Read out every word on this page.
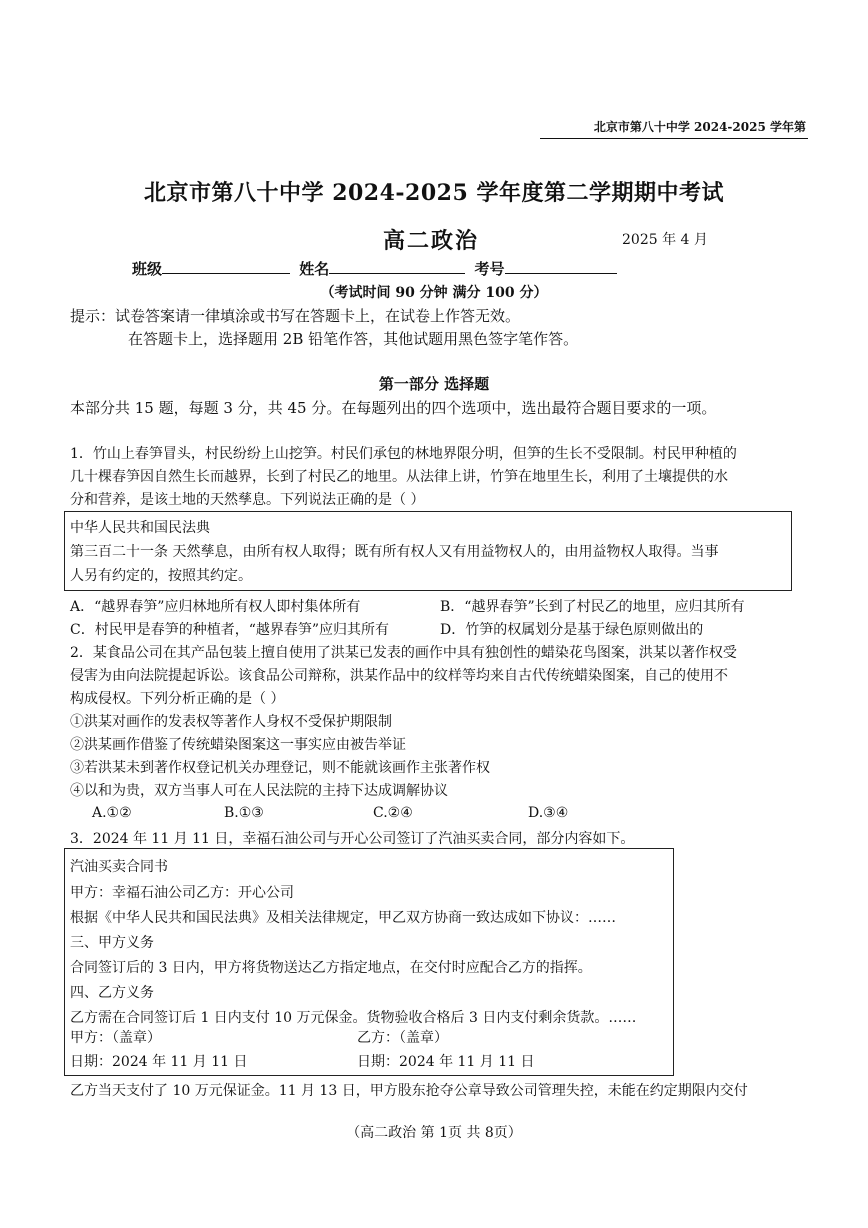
北京市第八十中学 2024-2025 学年第
北京市第八十中学 2024-2025 学年度第二学期期中考试
高二政治	2025 年 4 月
班级	姓名	考号
（考试时间 90 分钟 满分 100 分）
提示：试卷答案请一律填涂或书写在答题卡上，在试卷上作答无效。
在答题卡上，选择题用 2B 铅笔作答，其他试题用黑色签字笔作答。
第一部分 选择题
本部分共 15 题，每题 3 分，共 45 分。在每题列出的四个选项中，选出最符合题目要求的一项。
1．竹山上春笋冒头，村民纷纷上山挖笋。村民们承包的林地界限分明，但笋的生长不受限制。村民甲种植的
几十棵春笋因自然生长而越界，长到了村民乙的地里。从法律上讲，竹笋在地里生长，利用了土壤提供的水
分和营养，是该土地的天然孳息。下列说法正确的是（ ）
中华人民共和国民法典
第三百二十一条 天然孳息，由所有权人取得；既有所有权人又有用益物权人的，由用益物权人取得。当事
人另有约定的，按照其约定。
A．“越界春笋”应归林地所有权人即村集体所有	B．“越界春笋”长到了村民乙的地里，应归其所有
C．村民甲是春笋的种植者，“越界春笋”应归其所有	D．竹笋的权属划分是基于绿色原则做出的
2．某食品公司在其产品包装上擅自使用了洪某已发表的画作中具有独创性的蜡染花鸟图案，洪某以著作权受
侵害为由向法院提起诉讼。该食品公司辩称，洪某作品中的纹样等均来自古代传统蜡染图案，自己的使用不
构成侵权。下列分析正确的是（ ）
①洪某对画作的发表权等著作人身权不受保护期限制
②洪某画作借鉴了传统蜡染图案这一事实应由被告举证
③若洪某未到著作权登记机关办理登记，则不能就该画作主张著作权
④以和为贵，双方当事人可在人民法院的主持下达成调解协议
A.①②	B.①③	C.②④	D.③④
3．2024 年 11 月 11 日，幸福石油公司与开心公司签订了汽油买卖合同，部分内容如下。
汽油买卖合同书
甲方：幸福石油公司乙方：开心公司
根据《中华人民共和国民法典》及相关法律规定，甲乙双方协商一致达成如下协议：……
三、甲方义务
合同签订后的 3 日内，甲方将货物送达乙方指定地点，在交付时应配合乙方的指挥。
四、乙方义务
乙方需在合同签订后 1 日内支付 10 万元保金。货物验收合格后 3 日内支付剩余货款。……
甲方：（盖章）	乙方：（盖章）
日期：2024 年 11 月 11 日	日期：2024 年 11 月 11 日
乙方当天支付了 10 万元保证金。11 月 13 日，甲方股东抢夺公章导致公司管理失控，未能在约定期限内交付
（高二政治 第 1页 共 8页）
